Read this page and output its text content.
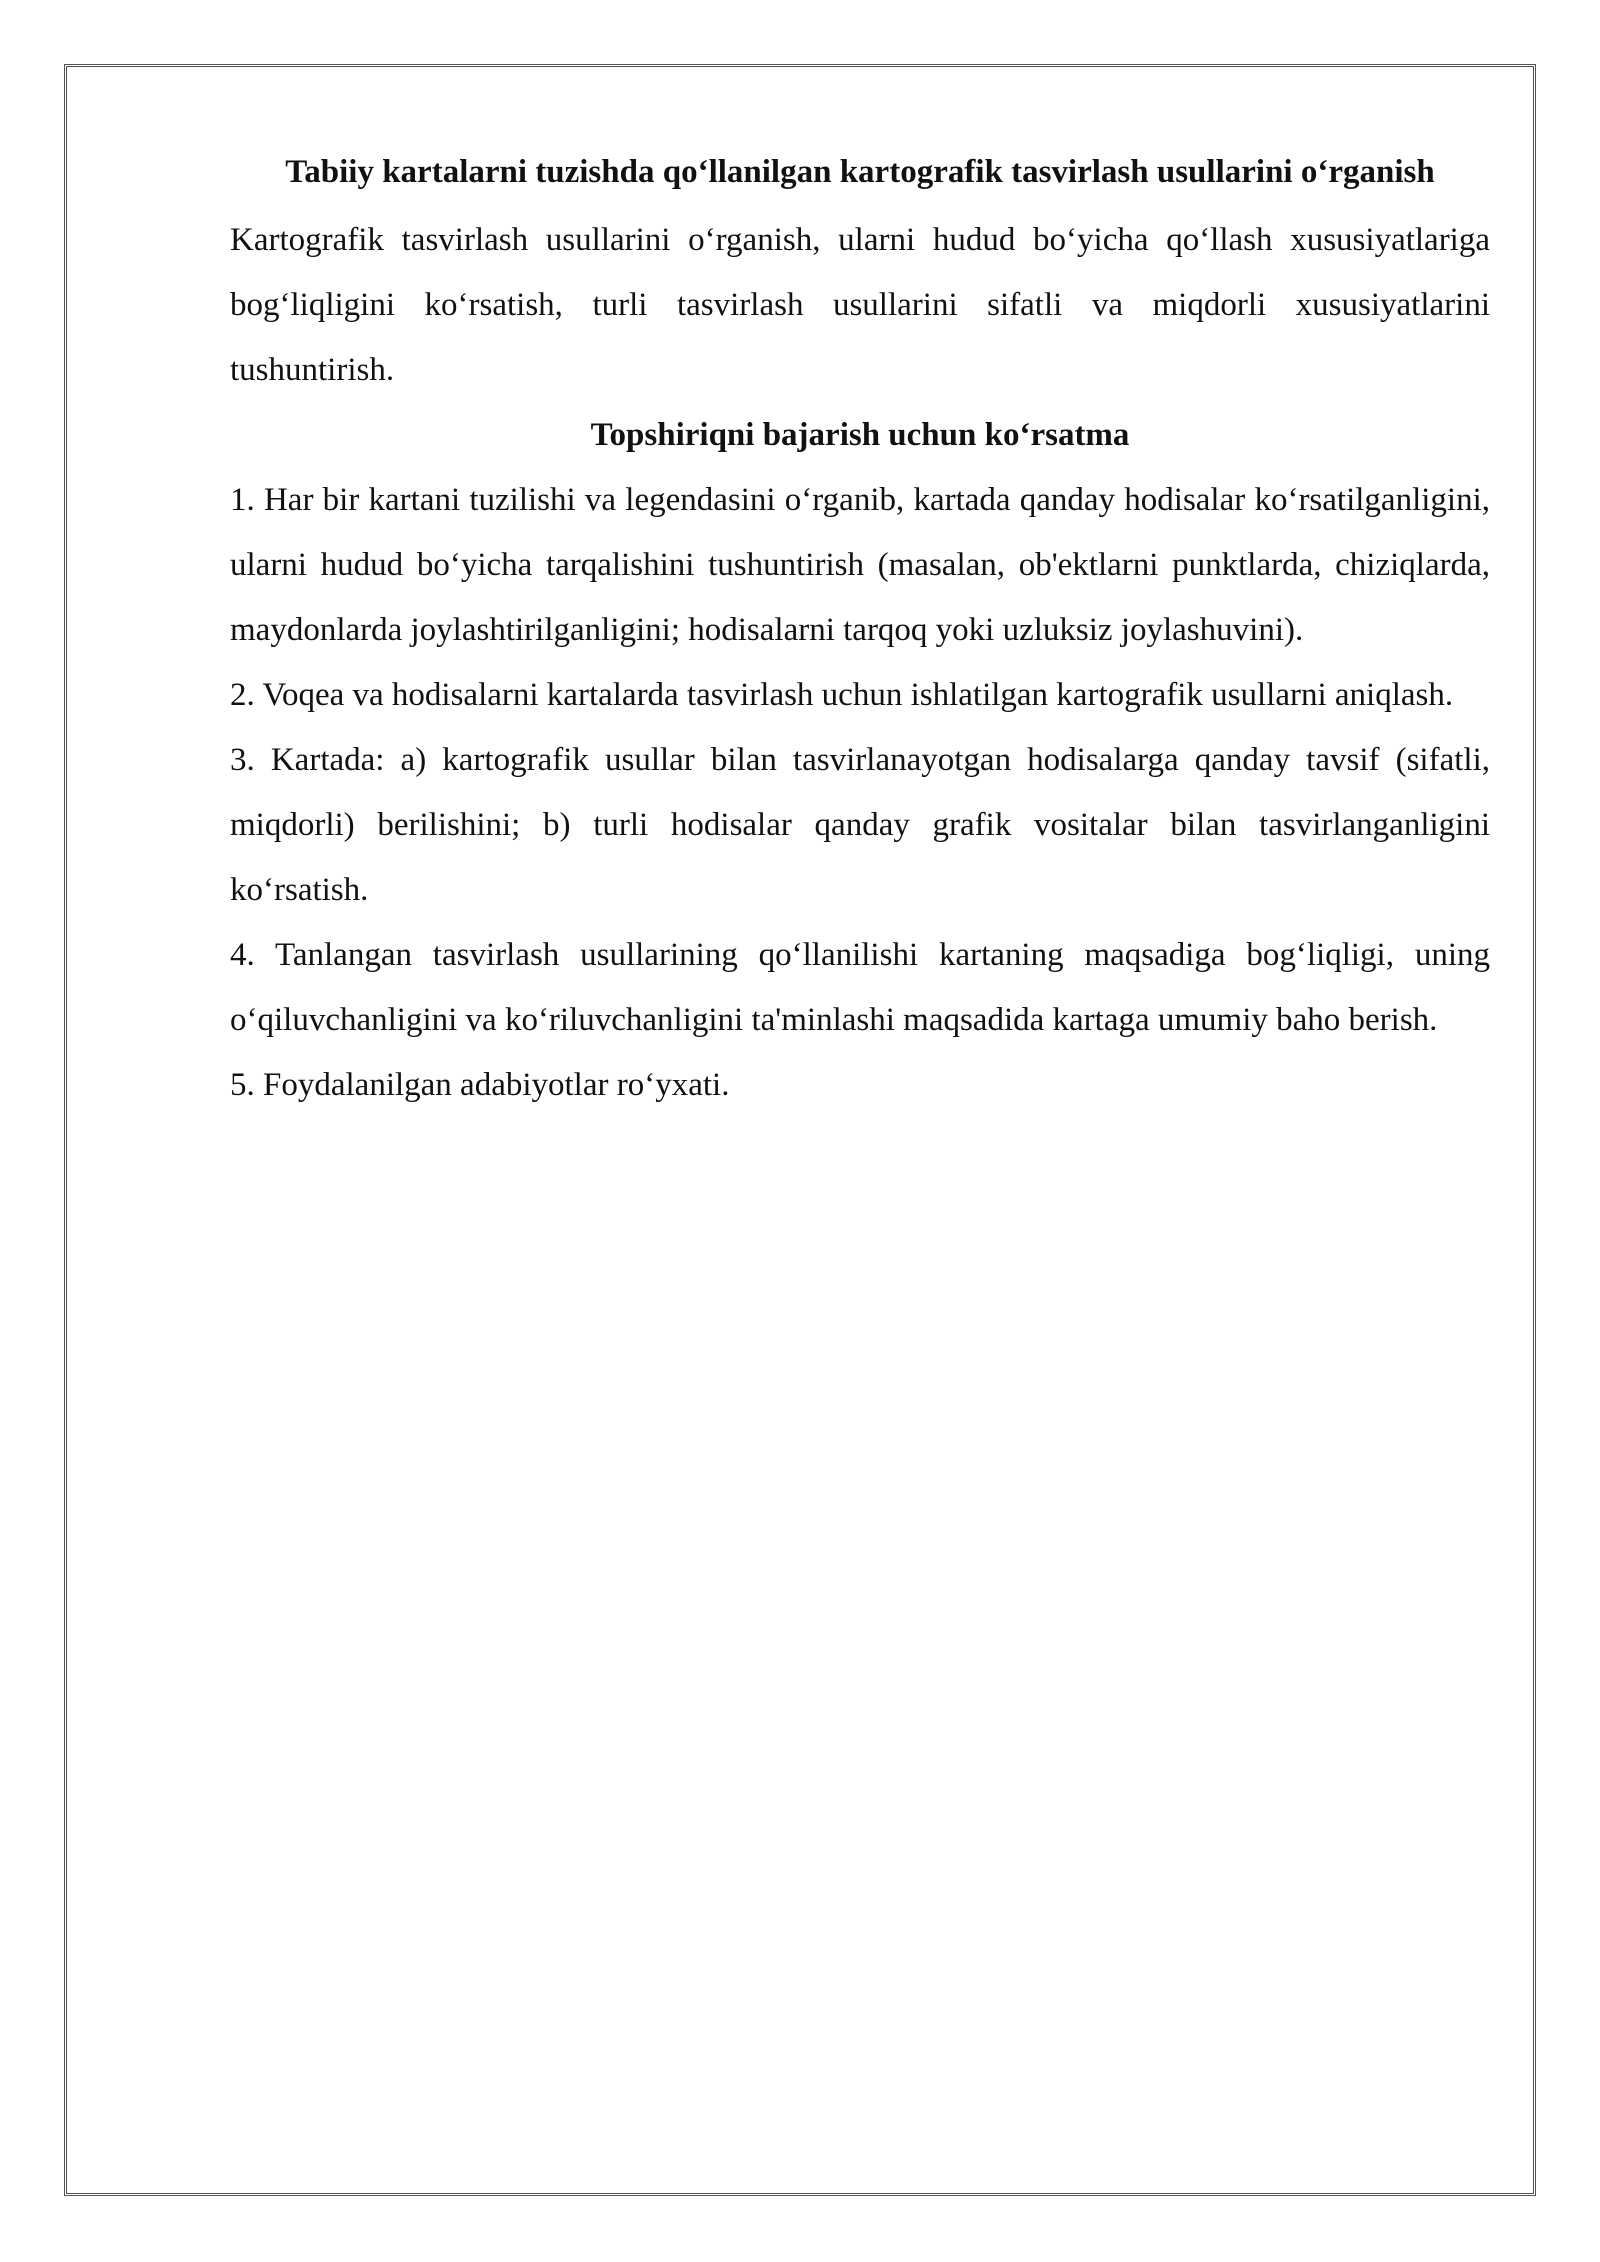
Tabiiy kartalarni tuzishda qo‘llanilgan kartografik tasvirlash usullarini o‘rganish

Kartografik tasvirlash usullarini o‘rganish, ularni hudud bo‘yicha qo‘llash xususiyatlariga bog‘liqligini ko‘rsatish, turli tasvirlash usullarini sifatli va miqdorli xususiyatlarini tushuntirish.

Topshiriqni bajarish uchun ko‘rsatma

1. Har bir kartani tuzilishi va legendasini o‘rganib, kartada qanday hodisalar ko‘rsatilganligini, ularni hudud bo‘yicha tarqalishini tushuntirish (masalan, ob'ektlarni punktlarda, chiziqlarda, maydonlarda joylashtirilganligini; hodisalarni tarqoq yoki uzluksiz joylashuvini).

2. Voqea va hodisalarni kartalarda tasvirlash uchun ishlatilgan kartografik usullarni aniqlash.

3. Kartada: a) kartografik usullar bilan tasvirlanayotgan hodisalarga qanday tavsif (sifatli, miqdorli) berilishini; b) turli hodisalar qanday grafik vositalar bilan tasvirlanganligini ko‘rsatish.

4. Tanlangan tasvirlash usullarining qo‘llanilishi kartaning maqsadiga bog‘liqligi, uning o‘qiluvchanligini va ko‘riluvchanligini ta'minlashi maqsadida kartaga umumiy baho berish.

5. Foydalanilgan adabiyotlar ro‘yxati.
